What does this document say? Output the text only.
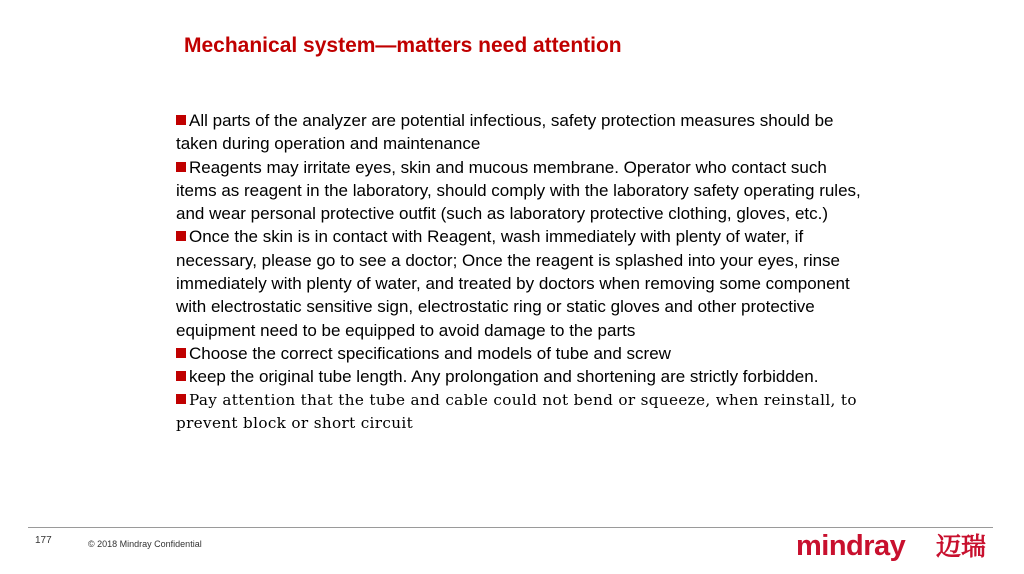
Mechanical system—matters need attention

All parts of the analyzer are potential infectious, safety protection measures should be taken during operation and maintenance

Reagents may irritate eyes, skin and mucous membrane. Operator who contact such items as reagent in the laboratory, should comply with the laboratory safety operating rules, and wear personal protective outfit (such as laboratory protective clothing, gloves, etc.)

Once the skin is in contact with Reagent, wash immediately with plenty of water, if necessary, please go to see a doctor; Once the reagent is splashed into your eyes, rinse immediately with plenty of water, and treated by doctors when removing some component with electrostatic sensitive sign, electrostatic ring or static gloves and other protective equipment need to be equipped to avoid damage to the parts

Choose the correct specifications and models of tube and screw

keep the original tube length. Any prolongation and shortening are strictly forbidden.

Pay attention that the tube and cable could not bend or squeeze, when reinstall, to prevent block or short circuit

177	© 2018 Mindray Confidential	mindray 迈瑞
